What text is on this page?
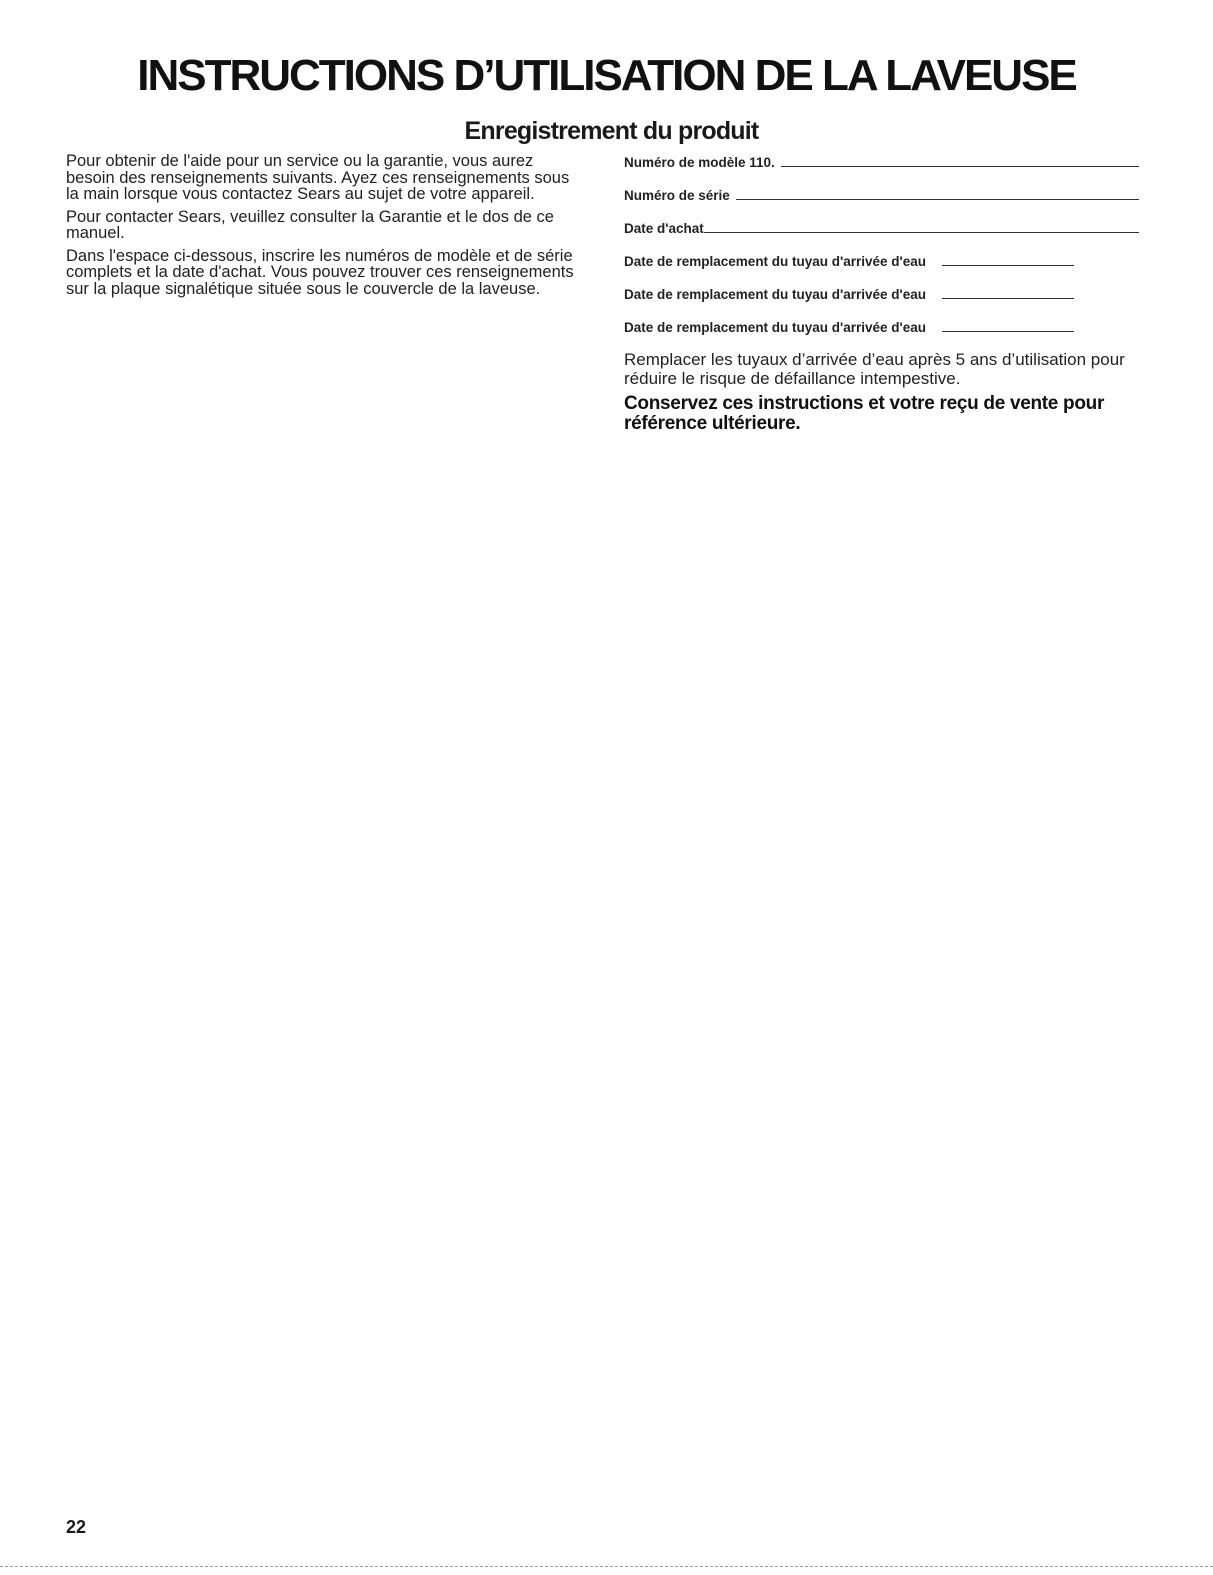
INSTRUCTIONS D’UTILISATION DE LA LAVEUSE
Enregistrement du produit

Pour obtenir de l'aide pour un service ou la garantie, vous aurez besoin des renseignements suivants. Ayez ces renseignements sous la main lorsque vous contactez Sears au sujet de votre appareil.

Pour contacter Sears, veuillez consulter la Garantie et le dos de ce manuel.

Dans l'espace ci-dessous, inscrire les numéros de modèle et de série complets et la date d'achat. Vous pouvez trouver ces renseignements sur la plaque signalétique située sous le couvercle de la laveuse.

Numéro de modèle 110.
Numéro de série
Date d'achat
Date de remplacement du tuyau d'arrivée d'eau
Date de remplacement du tuyau d'arrivée d'eau
Date de remplacement du tuyau d'arrivée d'eau
Remplacer les tuyaux d’arrivée d’eau après 5 ans d’utilisation pour réduire le risque de défaillance intempestive.
Conservez ces instructions et votre reçu de vente pour référence ultérieure.
22
